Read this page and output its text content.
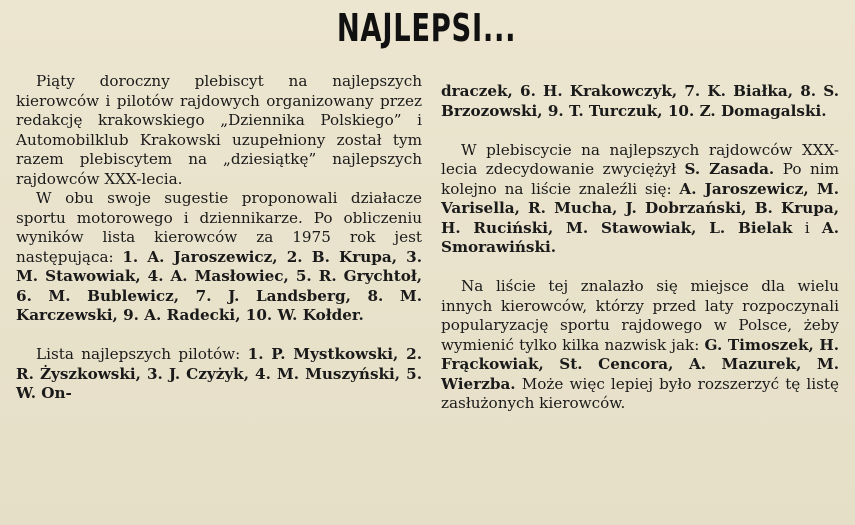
NAJLEPSI...

Piąty doroczny plebiscyt na najlepszych kierowców i pilotów rajdowych organizowany przez redakcję krakowskiego „Dziennika Polskiego” i Automobilklub Krakowski uzupełniony został tym razem plebiscytem na „dziesiątkę” najlepszych rajdowców XXX-lecia.

W obu swoje sugestie proponowali działacze sportu motorowego i dziennikarze. Po obliczeniu wyników lista kierowców za 1975 rok jest następująca: 1. A. Jaroszewicz, 2. B. Krupa, 3. M. Stawowiak, 4. A. Masłowiec, 5. R. Grychtoł, 6. M. Bublewicz, 7. J. Landsberg, 8. M. Karczewski, 9. A. Radecki, 10. W. Kołder.

Lista najlepszych pilotów: 1. P. Mystkowski, 2. R. Żyszkowski, 3. J. Czyżyk, 4. M. Muszyński, 5. W. On-

draczek, 6. H. Krakowczyk, 7. K. Białka, 8. S. Brzozowski, 9. T. Turczuk, 10. Z. Domagalski.

W plebiscycie na najlepszych rajdowców XXX-lecia zdecydowanie zwyciężył S. Zasada. Po nim kolejno na liście znaleźli się: A. Jaroszewicz, M. Varisella, R. Mucha, J. Dobrzański, B. Krupa, H. Ruciński, M. Stawowiak, L. Bielak i A. Smorawiński.

Na liście tej znalazło się miejsce dla wielu innych kierowców, którzy przed laty rozpoczynali popularyzację sportu rajdowego w Polsce, żeby wymienić tylko kilka nazwisk jak: G. Timoszek, H. Frąckowiak, St. Cencora, A. Mazurek, M. Wierzba. Może więc lepiej było rozszerzyć tę listę zasłużonych kierowców.
